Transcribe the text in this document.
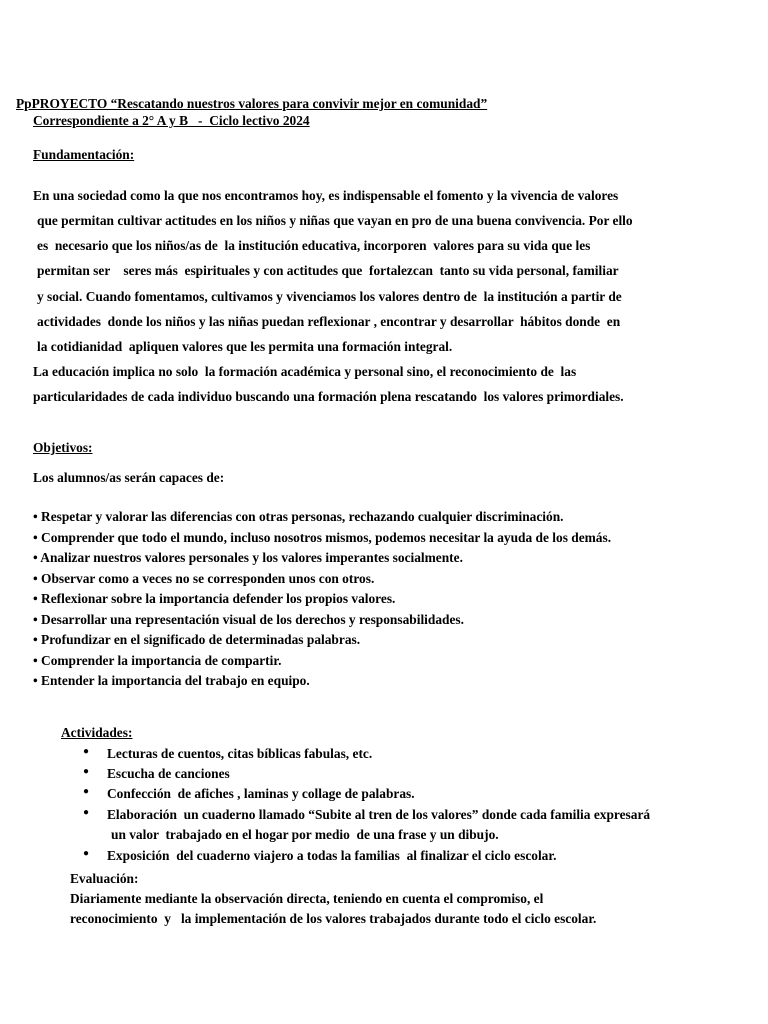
PpPROYECTO “Rescatando nuestros valores para convivir mejor en comunidad”
Correspondiente a 2° A y B   -  Ciclo lectivo 2024
Fundamentación:
En una sociedad como la que nos encontramos hoy, es indispensable el fomento y la vivencia de valores
que permitan cultivar actitudes en los niños y niñas que vayan en pro de una buena convivencia. Por ello
es  necesario que los niños/as de  la institución educativa, incorporen  valores para su vida que les
permitan ser    seres más  espirituales y con actitudes que  fortalezcan  tanto su vida personal, familiar
y social. Cuando fomentamos, cultivamos y vivenciamos los valores dentro de  la institución a partir de
actividades  donde los niños y las niñas puedan reflexionar , encontrar y desarrollar  hábitos donde  en
la cotidianidad  apliquen valores que les permita una formación integral.
La educación implica no solo  la formación académica y personal sino, el reconocimiento de  las
particularidades de cada individuo buscando una formación plena rescatando  los valores primordiales.
Objetivos:
Los alumnos/as serán capaces de:
• Respetar y valorar las diferencias con otras personas, rechazando cualquier discriminación.
• Comprender que todo el mundo, incluso nosotros mismos, podemos necesitar la ayuda de los demás.
• Analizar nuestros valores personales y los valores imperantes socialmente.
• Observar como a veces no se corresponden unos con otros.
• Reflexionar sobre la importancia defender los propios valores.
• Desarrollar una representación visual de los derechos y responsabilidades.
• Profundizar en el significado de determinadas palabras.
• Comprender la importancia de compartir.
• Entender la importancia del trabajo en equipo.
Actividades:
● Lecturas de cuentos, citas bíblicas fabulas, etc.
● Escucha de canciones
● Confección  de afiches , laminas y collage de palabras.
● Elaboración  un cuaderno llamado “Subite al tren de los valores” donde cada familia expresará
un valor  trabajado en el hogar por medio  de una frase y un dibujo.
● Exposición  del cuaderno viajero a todas la familias  al finalizar el ciclo escolar.
Evaluación:
Diariamente mediante la observación directa, teniendo en cuenta el compromiso, el
reconocimiento  y   la implementación de los valores trabajados durante todo el ciclo escolar.
